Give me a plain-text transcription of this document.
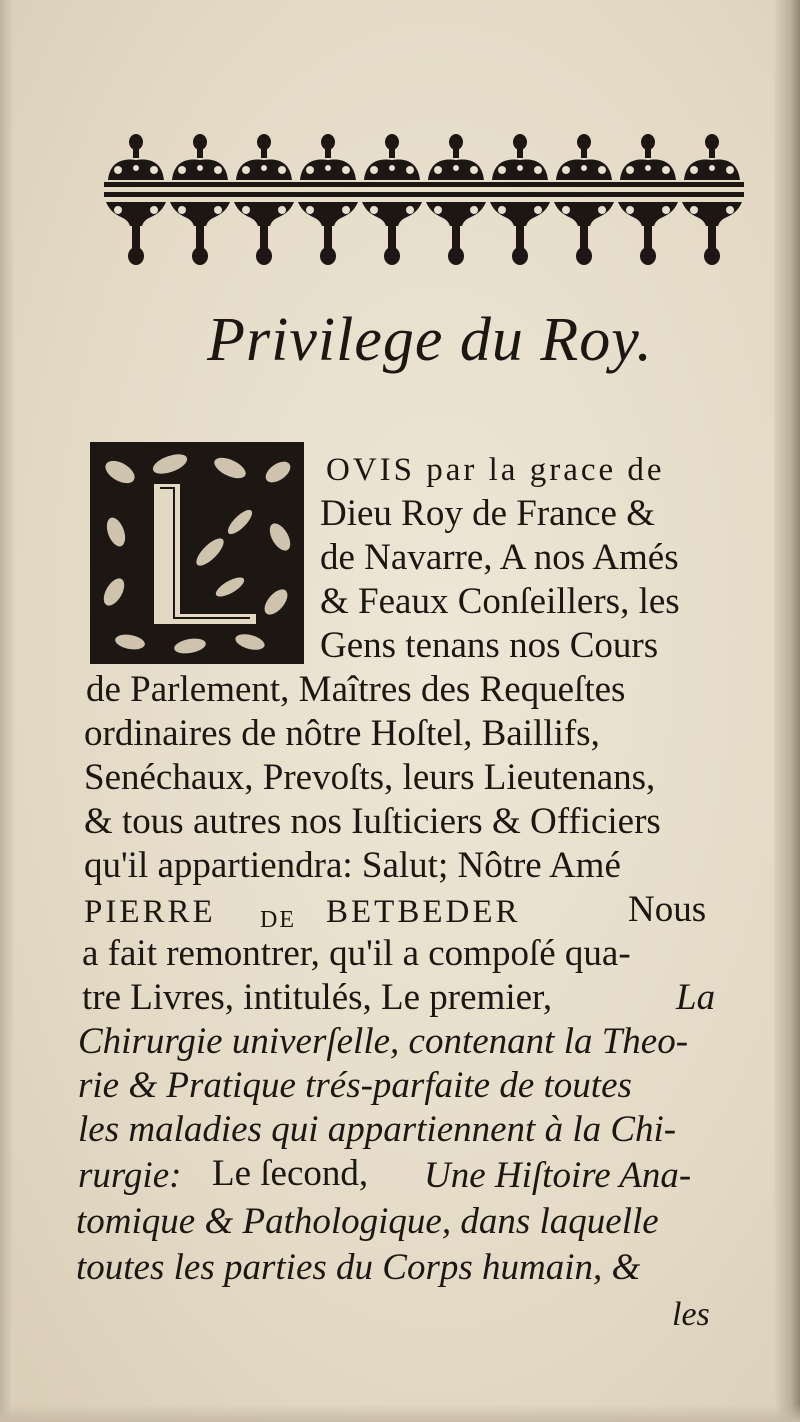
Privilege du Roy.
OVIS par la grace de
Dieu Roy de France &
de Navarre, A nos Amés
& Feaux Conſeillers, les
Gens tenans nos Cours
de Parlement, Maîtres des Requeſtes
ordinaires de nôtre Hoſtel, Baillifs,
Senéchaux, Prevoſts, leurs Lieutenans,
& tous autres nos Iuſticiers & Officiers
qu'il appartiendra: Salut; Nôtre Amé
PIERRE DE BETBEDER	Nous
a fait remontrer, qu'il a compoſé qua-
tre Livres, intitulés, Le premier,	La
Chirurgie univerſelle, contenant la Theo-
rie & Pratique trés-parfaite de toutes
les maladies qui appartiennent à la Chi-
rurgie: Le ſecond, Une Hiſtoire Ana-
tomique & Pathologique, dans laquelle
toutes les parties du Corps humain, &
les
